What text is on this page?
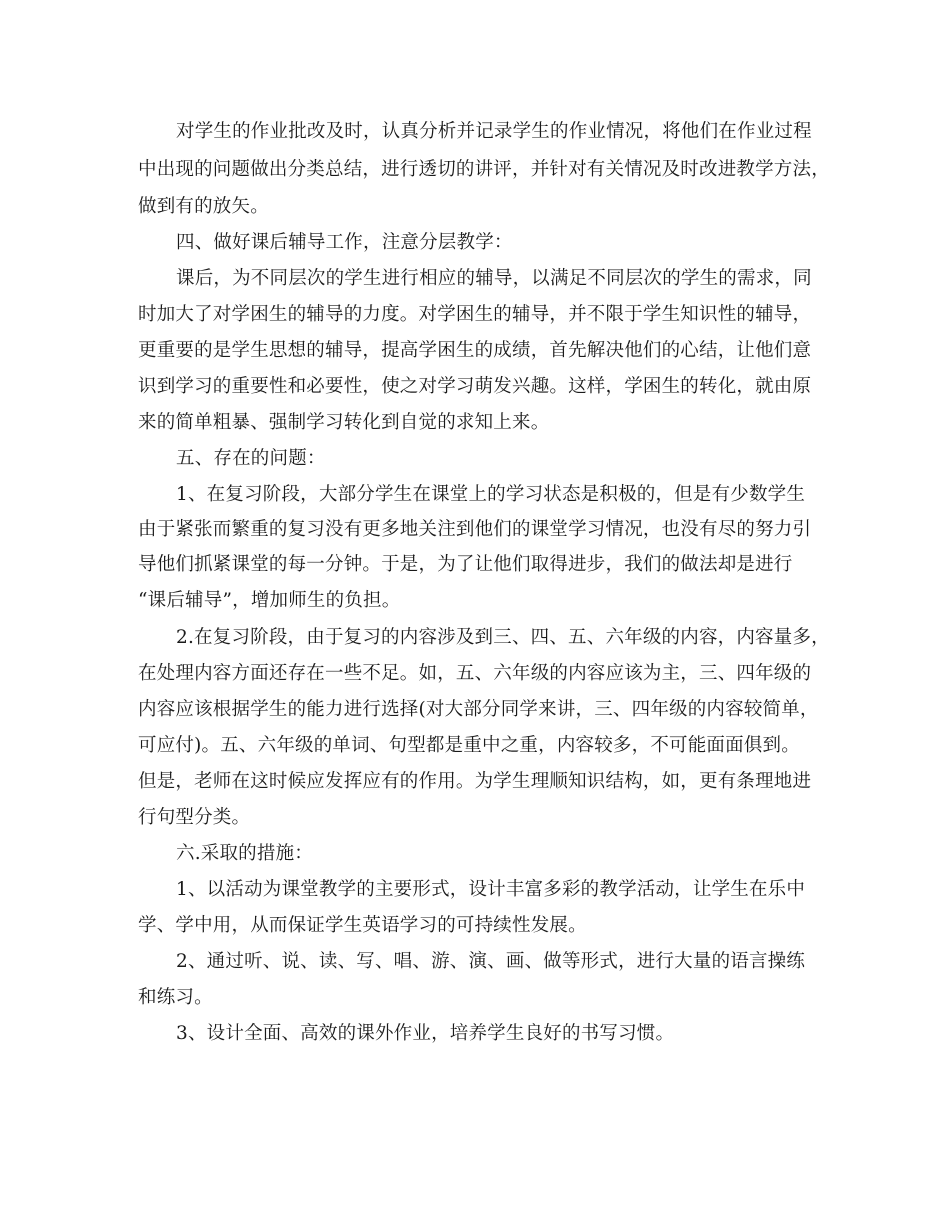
对学生的作业批改及时，认真分析并记录学生的作业情况，将他们在作业过程
中出现的问题做出分类总结，进行透切的讲评，并针对有关情况及时改进教学方法，
做到有的放矢。
四、做好课后辅导工作，注意分层教学：
课后，为不同层次的学生进行相应的辅导，以满足不同层次的学生的需求，同
时加大了对学困生的辅导的力度。对学困生的辅导，并不限于学生知识性的辅导，
更重要的是学生思想的辅导，提高学困生的成绩，首先解决他们的心结，让他们意
识到学习的重要性和必要性，使之对学习萌发兴趣。这样，学困生的转化，就由原
来的简单粗暴、强制学习转化到自觉的求知上来。
五、存在的问题：
1、在复习阶段，大部分学生在课堂上的学习状态是积极的，但是有少数学生
由于紧张而繁重的复习没有更多地关注到他们的课堂学习情况，也没有尽的努力引
导他们抓紧课堂的每一分钟。于是，为了让他们取得进步，我们的做法却是进行
“课后辅导”，增加师生的负担。
2.在复习阶段，由于复习的内容涉及到三、四、五、六年级的内容，内容量多，
在处理内容方面还存在一些不足。如，五、六年级的内容应该为主，三、四年级的
内容应该根据学生的能力进行选择(对大部分同学来讲，三、四年级的内容较简单，
可应付)。五、六年级的单词、句型都是重中之重，内容较多，不可能面面俱到。
但是，老师在这时候应发挥应有的作用。为学生理顺知识结构，如，更有条理地进
行句型分类。
六.采取的措施：
1、以活动为课堂教学的主要形式，设计丰富多彩的教学活动，让学生在乐中
学、学中用，从而保证学生英语学习的可持续性发展。
2、通过听、说、读、写、唱、游、演、画、做等形式，进行大量的语言操练
和练习。
3、设计全面、高效的课外作业，培养学生良好的书写习惯。
